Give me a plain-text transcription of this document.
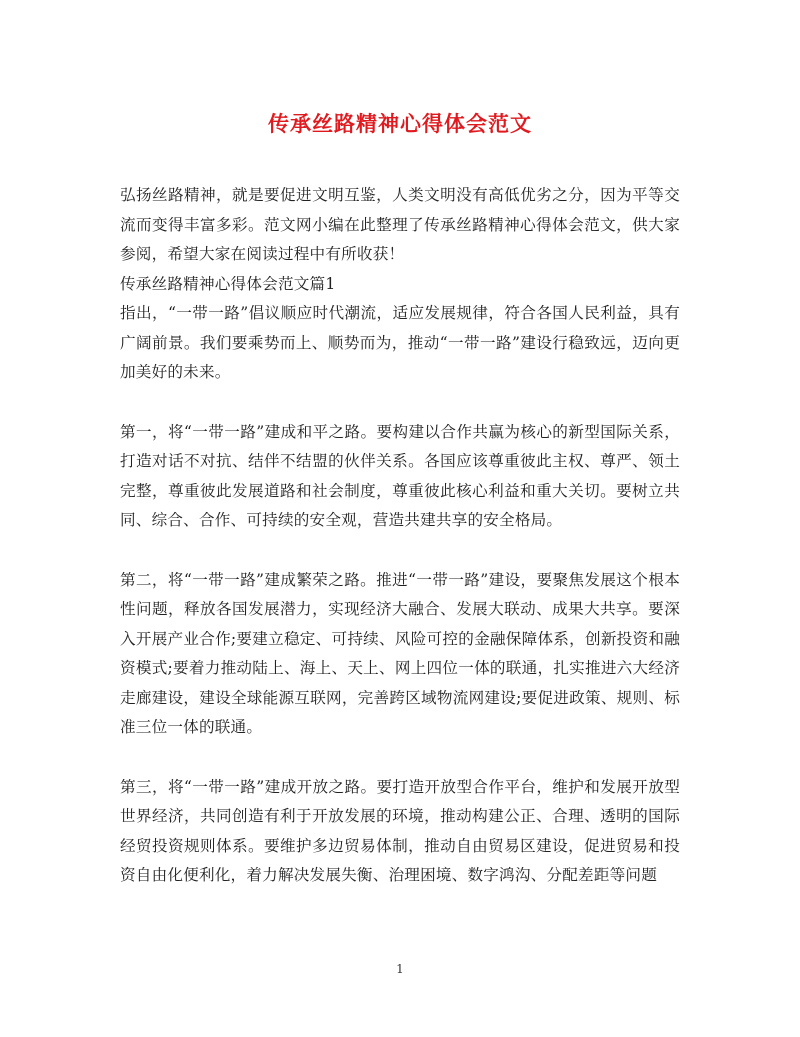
传承丝路精神心得体会范文

弘扬丝路精神，就是要促进文明互鉴，人类文明没有高低优劣之分，因为平等交流而变得丰富多彩。范文网小编在此整理了传承丝路精神心得体会范文，供大家参阅，希望大家在阅读过程中有所收获！

传承丝路精神心得体会范文篇1

指出，“一带一路”倡议顺应时代潮流，适应发展规律，符合各国人民利益，具有广阔前景。我们要乘势而上、顺势而为，推动“一带一路”建设行稳致远，迈向更加美好的未来。

第一，将“一带一路”建成和平之路。要构建以合作共赢为核心的新型国际关系，打造对话不对抗、结伴不结盟的伙伴关系。各国应该尊重彼此主权、尊严、领土完整，尊重彼此发展道路和社会制度，尊重彼此核心利益和重大关切。要树立共同、综合、合作、可持续的安全观，营造共建共享的安全格局。

第二，将“一带一路”建成繁荣之路。推进“一带一路”建设，要聚焦发展这个根本性问题，释放各国发展潜力，实现经济大融合、发展大联动、成果大共享。要深入开展产业合作;要建立稳定、可持续、风险可控的金融保障体系，创新投资和融资模式;要着力推动陆上、海上、天上、网上四位一体的联通，扎实推进六大经济走廊建设，建设全球能源互联网，完善跨区域物流网建设;要促进政策、规则、标准三位一体的联通。

第三，将“一带一路”建成开放之路。要打造开放型合作平台，维护和发展开放型世界经济，共同创造有利于开放发展的环境，推动构建公正、合理、透明的国际经贸投资规则体系。要维护多边贸易体制，推动自由贸易区建设，促进贸易和投资自由化便利化，着力解决发展失衡、治理困境、数字鸿沟、分配差距等问题

1
